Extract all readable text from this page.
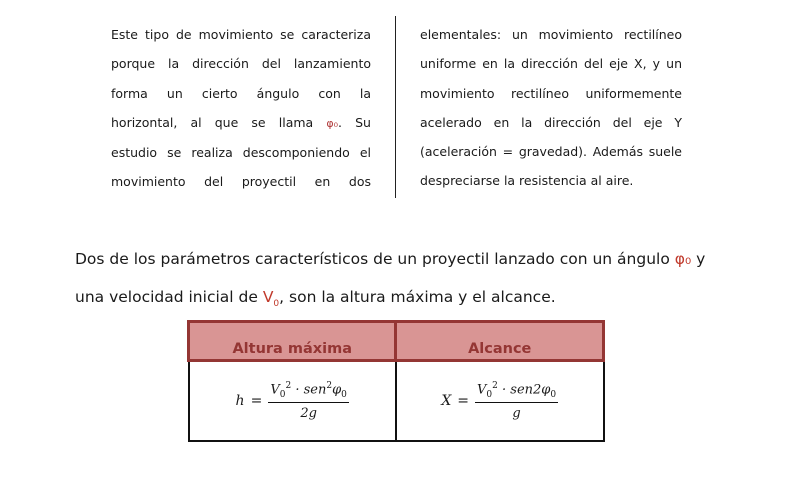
Este tipo de movimiento se caracteriza

porque la dirección del lanzamiento

forma un cierto ángulo con la

horizontal, al que se llama φ₀. Su

estudio se realiza descomponiendo el

movimiento del proyectil en dos

elementales: un movimiento rectilíneo

uniforme en la dirección del eje X, y un

movimiento rectilíneo uniformemente

acelerado en la dirección del eje Y

(aceleración = gravedad). Además suele

despreciarse la resistencia al aire.

Dos de los parámetros característicos de un proyectil lanzado con un ángulo φ₀ y

una velocidad inicial de $V_0$, son la altura máxima y el alcance.

Altura máxima	Alcance

$h = \frac{V_0^2 \cdot sen^2\varphi_0}{2g}$	$X = \frac{V_0^2 \cdot sen2\varphi_0}{g}$
